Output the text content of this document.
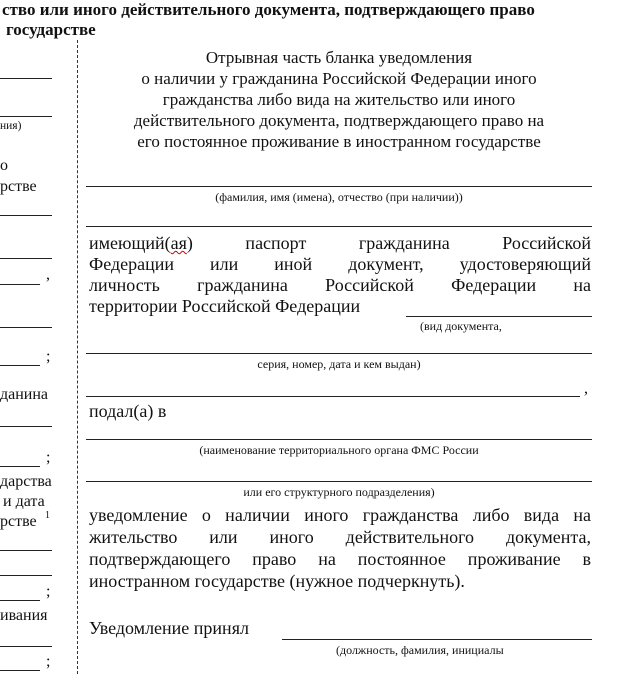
ство или иного действительного документа, подтверждающего право
государстве
ния)
о
рстве
,
;
данина
;
дарства
и дата
рстве 1
;
ивания
;
Отрывная часть бланка уведомления
о наличии у гражданина Российской Федерации иного
гражданства либо вида на жительство или иного
действительного документа, подтверждающего право на
его постоянное проживание в иностранном государстве
(фамилия, имя (имена), отчество (при наличии))
имеющий(ая)   паспорт   гражданина   Российской
Федерации   или   иной   документ,   удостоверяющий
личность   гражданина   Российской   Федерации   на
территории Российской Федерации
(вид документа,
серия, номер, дата и кем выдан)
,
подал(а) в
(наименование территориального органа ФМС России
или его структурного подразделения)
уведомление о наличии иного гражданства либо вида на
жительство или иного действительного документа,
подтверждающего право на постоянное проживание в
иностранном государстве (нужное подчеркнуть).
Уведомление принял
(должность, фамилия, инициалы
